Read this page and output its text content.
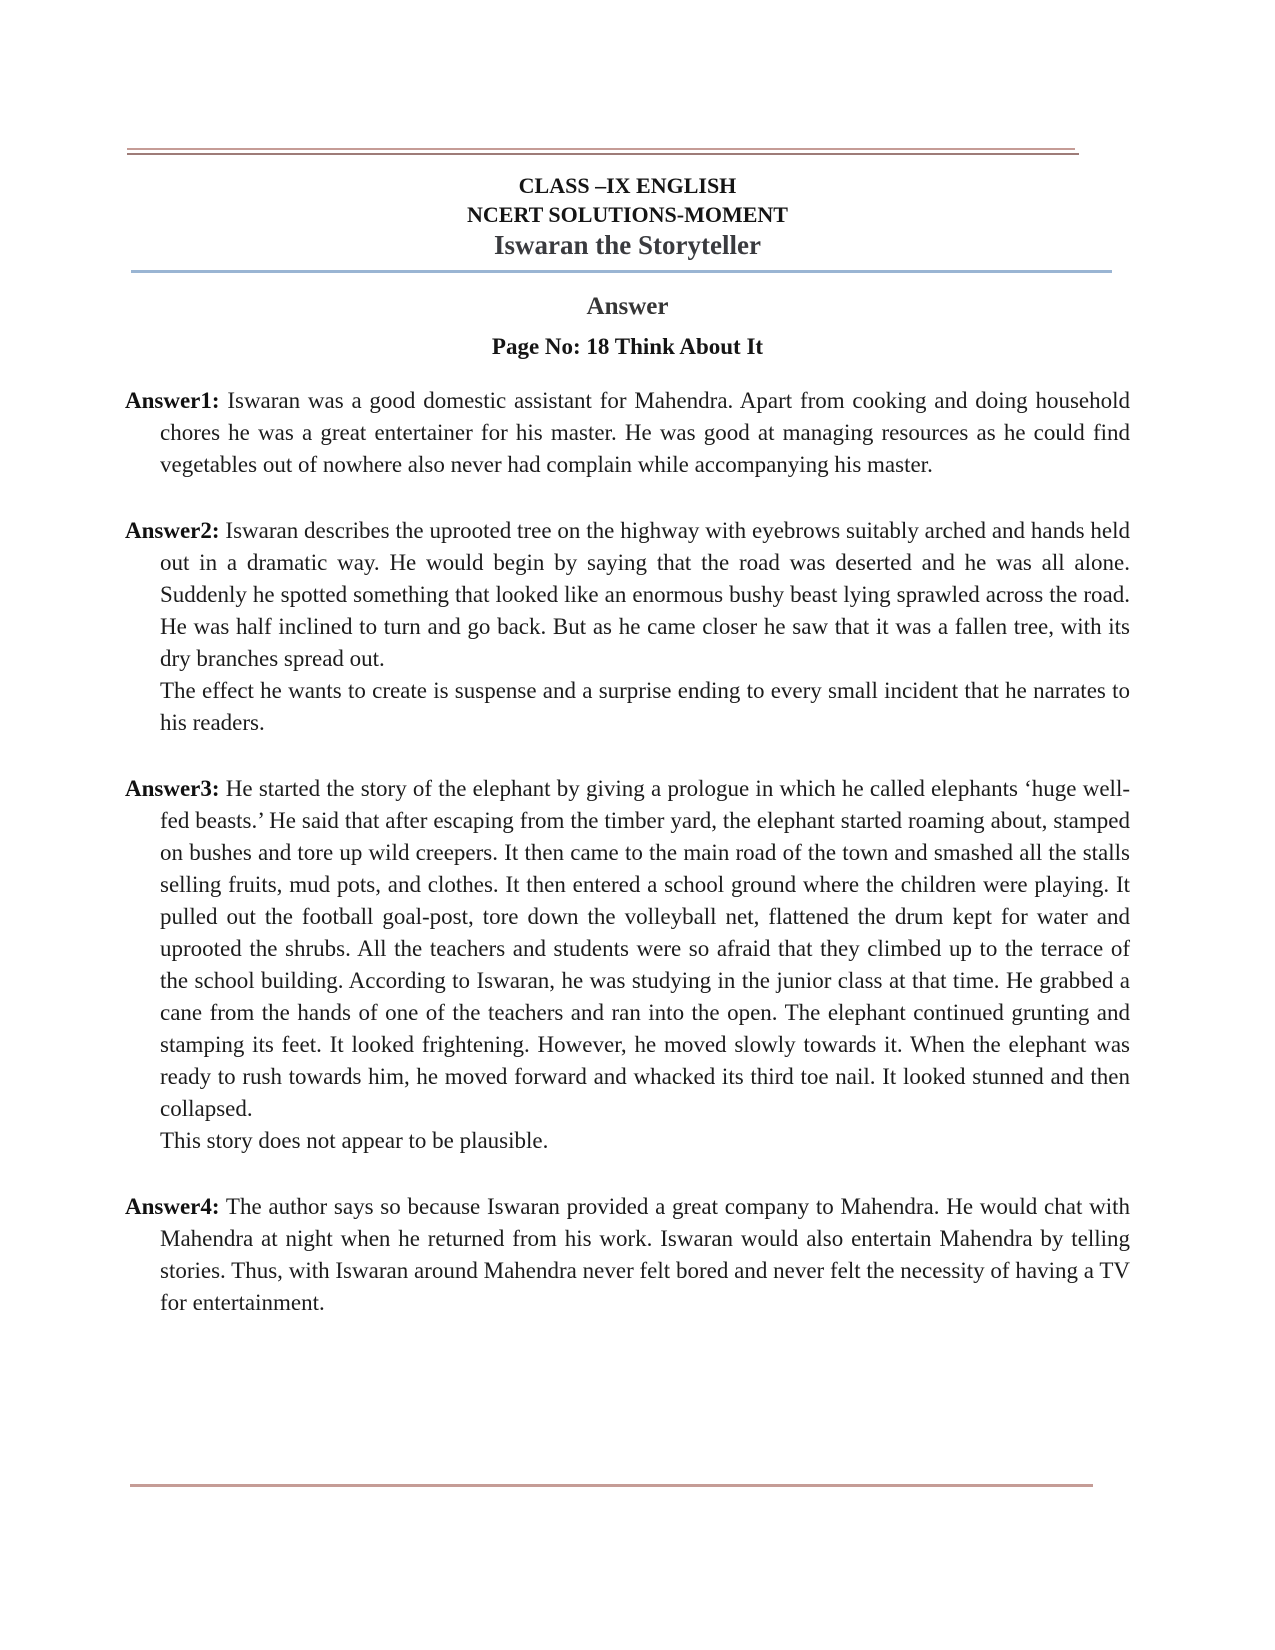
CLASS –IX ENGLISH
NCERT SOLUTIONS-MOMENT
Iswaran the Storyteller
Answer
Page No: 18 Think About It

Answer1: Iswaran was a good domestic assistant for Mahendra. Apart from cooking and doing household chores he was a great entertainer for his master. He was good at managing resources as he could find vegetables out of nowhere also never had complain while accompanying his master.

Answer2: Iswaran describes the uprooted tree on the highway with eyebrows suitably arched and hands held out in a dramatic way. He would begin by saying that the road was deserted and he was all alone. Suddenly he spotted something that looked like an enormous bushy beast lying sprawled across the road. He was half inclined to turn and go back. But as he came closer he saw that it was a fallen tree, with its dry branches spread out.

The effect he wants to create is suspense and a surprise ending to every small incident that he narrates to his readers.

Answer3: He started the story of the elephant by giving a prologue in which he called elephants ‘huge well-fed beasts.’ He said that after escaping from the timber yard, the elephant started roaming about, stamped on bushes and tore up wild creepers. It then came to the main road of the town and smashed all the stalls selling fruits, mud pots, and clothes. It then entered a school ground where the children were playing. It pulled out the football goal-post, tore down the volleyball net, flattened the drum kept for water and uprooted the shrubs. All the teachers and students were so afraid that they climbed up to the terrace of the school building. According to Iswaran, he was studying in the junior class at that time. He grabbed a cane from the hands of one of the teachers and ran into the open. The elephant continued grunting and stamping its feet. It looked frightening. However, he moved slowly towards it. When the elephant was ready to rush towards him, he moved forward and whacked its third toe nail. It looked stunned and then collapsed.

This story does not appear to be plausible.

Answer4: The author says so because Iswaran provided a great company to Mahendra. He would chat with Mahendra at night when he returned from his work. Iswaran would also entertain Mahendra by telling stories. Thus, with Iswaran around Mahendra never felt bored and never felt the necessity of having a TV for entertainment.
